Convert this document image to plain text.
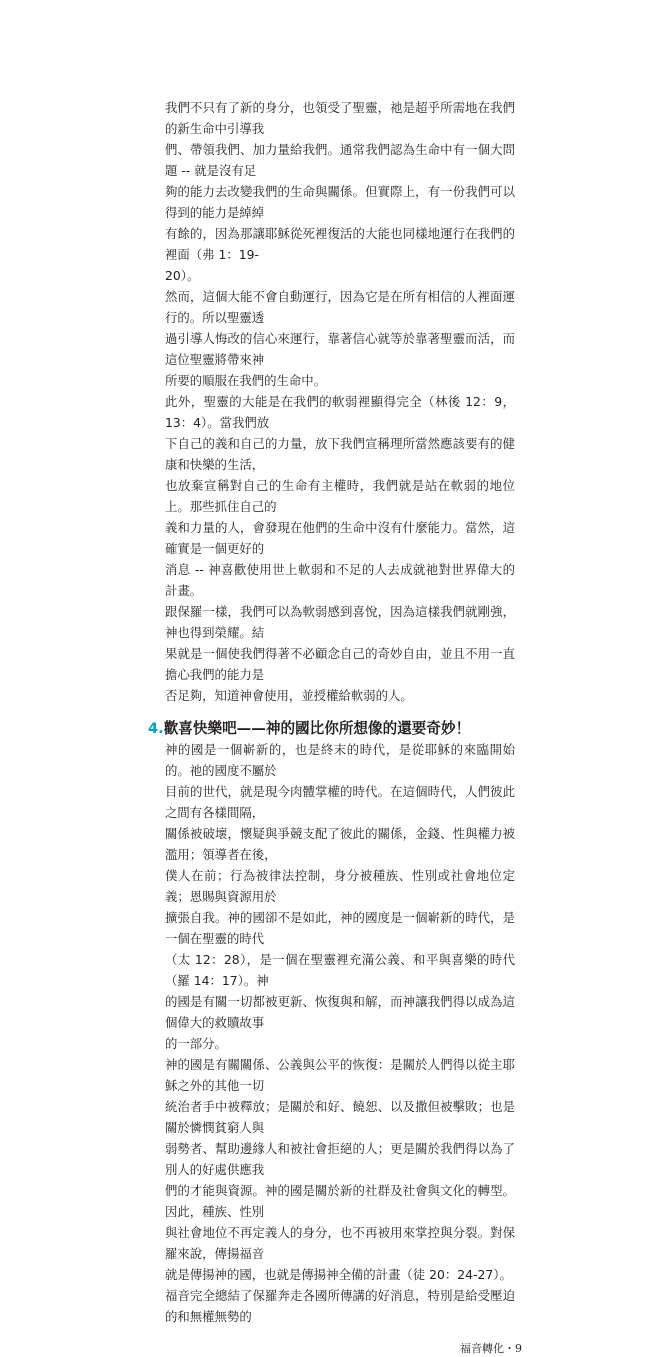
我們不只有了新的身分，也領受了聖靈，祂是超乎所需地在我們的新生命中引導我
們、帶領我們、加力量給我們。通常我們認為生命中有一個大問題 -- 就是沒有足
夠的能力去改變我們的生命與關係。但實際上，有一份我們可以得到的能力是綽綽
有餘的，因為那讓耶穌從死裡復活的大能也同樣地運行在我們的裡面（弗 1：19-
20）。
然而，這個大能不會自動運行，因為它是在所有相信的人裡面運行的。所以聖靈透
過引導人悔改的信心來運行，靠著信心就等於靠著聖靈而活，而這位聖靈將帶來神
所要的順服在我們的生命中。
此外，聖靈的大能是在我們的軟弱裡顯得完全（林後 12：9，13：4）。當我們放
下自己的義和自己的力量，放下我們宣稱理所當然應該要有的健康和快樂的生活，
也放棄宣稱對自己的生命有主權時，我們就是站在軟弱的地位上。那些抓住自己的
義和力量的人，會發現在他們的生命中沒有什麼能力。當然，這確實是一個更好的
消息 -- 神喜歡使用世上軟弱和不足的人去成就祂對世界偉大的計畫。
跟保羅一樣，我們可以為軟弱感到喜悅，因為這樣我們就剛強，神也得到榮耀。結
果就是一個使我們得著不必顧念自己的奇妙自由，並且不用一直擔心我們的能力是
否足夠，知道神會使用，並授權給軟弱的人。
4.歡喜快樂吧——神的國比你所想像的還要奇妙！
神的國是一個嶄新的，也是終末的時代，是從耶穌的來臨開始的。祂的國度不屬於
目前的世代，就是現今肉體掌權的時代。在這個時代，人們彼此之間有各樣間隔，
關係被破壞，懷疑與爭競支配了彼此的關係，金錢、性與權力被濫用；領導者在後，
僕人在前；行為被律法控制，身分被種族、性別或社會地位定義；恩賜與資源用於
擴張自我。神的國卻不是如此，神的國度是一個嶄新的時代，是一個在聖靈的時代
（太 12：28），是一個在聖靈裡充滿公義、和平與喜樂的時代（羅 14：17）。神
的國是有關一切都被更新、恢復與和解，而神讓我們得以成為這個偉大的救贖故事
的一部分。
神的國是有關關係、公義與公平的恢復：是關於人們得以從主耶穌之外的其他一切
統治者手中被釋放；是關於和好、饒恕、以及撒但被擊敗；也是關於憐憫貧窮人與
弱勢者、幫助邊緣人和被社會拒絕的人；更是關於我們得以為了別人的好處供應我
們的才能與資源。神的國是關於新的社群及社會與文化的轉型。因此，種族、性別
與社會地位不再定義人的身分，也不再被用來掌控與分裂。對保羅來說，傳揚福音
就是傳揚神的國，也就是傳揚神全備的計畫（徒 20：24-27）。
福音完全總結了保羅奔走各國所傳講的好消息，特別是給受壓迫的和無權無勢的
福音轉化・9
